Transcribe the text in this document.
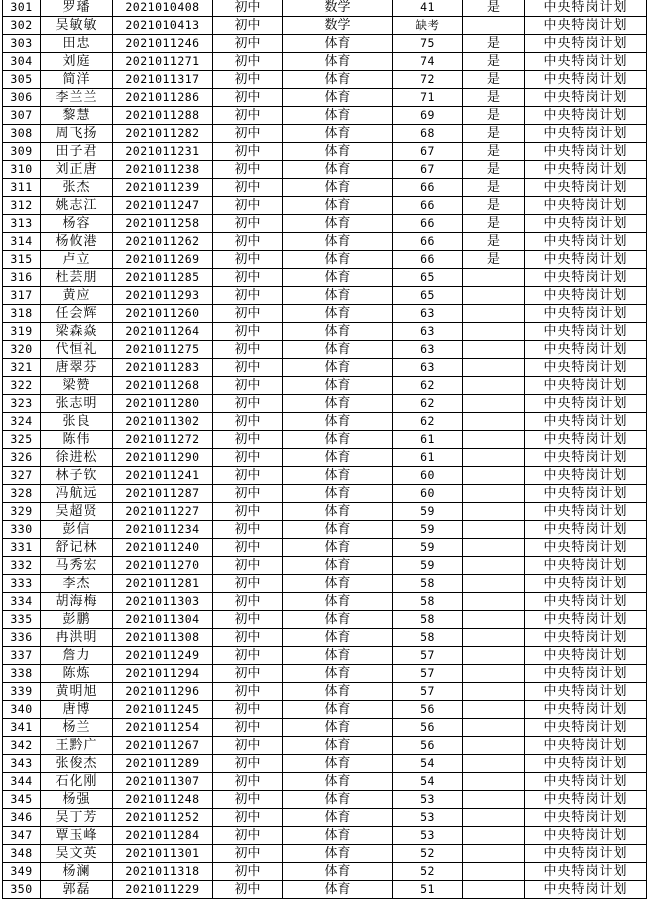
301	罗璠	2021010408	初中	数学	41	是	中央特岗计划
302	吴敏敏	2021010413	初中	数学	缺考		中央特岗计划
303	田忠	2021011246	初中	体育	75	是	中央特岗计划
304	刘庭	2021011271	初中	体育	74	是	中央特岗计划
305	简洋	2021011317	初中	体育	72	是	中央特岗计划
306	李兰兰	2021011286	初中	体育	71	是	中央特岗计划
307	黎慧	2021011288	初中	体育	69	是	中央特岗计划
308	周飞扬	2021011282	初中	体育	68	是	中央特岗计划
309	田子君	2021011231	初中	体育	67	是	中央特岗计划
310	刘正唐	2021011238	初中	体育	67	是	中央特岗计划
311	张杰	2021011239	初中	体育	66	是	中央特岗计划
312	姚志江	2021011247	初中	体育	66	是	中央特岗计划
313	杨容	2021011258	初中	体育	66	是	中央特岗计划
314	杨攸港	2021011262	初中	体育	66	是	中央特岗计划
315	卢立	2021011269	初中	体育	66	是	中央特岗计划
316	杜芸朋	2021011285	初中	体育	65		中央特岗计划
317	黄应	2021011293	初中	体育	65		中央特岗计划
318	任会辉	2021011260	初中	体育	63		中央特岗计划
319	梁森焱	2021011264	初中	体育	63		中央特岗计划
320	代恒礼	2021011275	初中	体育	63		中央特岗计划
321	唐翠芬	2021011283	初中	体育	63		中央特岗计划
322	梁赞	2021011268	初中	体育	62		中央特岗计划
323	张志明	2021011280	初中	体育	62		中央特岗计划
324	张良	2021011302	初中	体育	62		中央特岗计划
325	陈伟	2021011272	初中	体育	61		中央特岗计划
326	徐进松	2021011290	初中	体育	61		中央特岗计划
327	林子钦	2021011241	初中	体育	60		中央特岗计划
328	冯航远	2021011287	初中	体育	60		中央特岗计划
329	吴超贤	2021011227	初中	体育	59		中央特岗计划
330	彭信	2021011234	初中	体育	59		中央特岗计划
331	舒记林	2021011240	初中	体育	59		中央特岗计划
332	马秀宏	2021011270	初中	体育	59		中央特岗计划
333	李杰	2021011281	初中	体育	58		中央特岗计划
334	胡海梅	2021011303	初中	体育	58		中央特岗计划
335	彭鹏	2021011304	初中	体育	58		中央特岗计划
336	冉洪明	2021011308	初中	体育	58		中央特岗计划
337	詹力	2021011249	初中	体育	57		中央特岗计划
338	陈炼	2021011294	初中	体育	57		中央特岗计划
339	黄明旭	2021011296	初中	体育	57		中央特岗计划
340	唐博	2021011245	初中	体育	56		中央特岗计划
341	杨兰	2021011254	初中	体育	56		中央特岗计划
342	王黔广	2021011267	初中	体育	56		中央特岗计划
343	张俊杰	2021011289	初中	体育	54		中央特岗计划
344	石化刚	2021011307	初中	体育	54		中央特岗计划
345	杨强	2021011248	初中	体育	53		中央特岗计划
346	吴丁芳	2021011252	初中	体育	53		中央特岗计划
347	覃玉峰	2021011284	初中	体育	53		中央特岗计划
348	吴文英	2021011301	初中	体育	52		中央特岗计划
349	杨澜	2021011318	初中	体育	52		中央特岗计划
350	郭磊	2021011229	初中	体育	51		中央特岗计划
